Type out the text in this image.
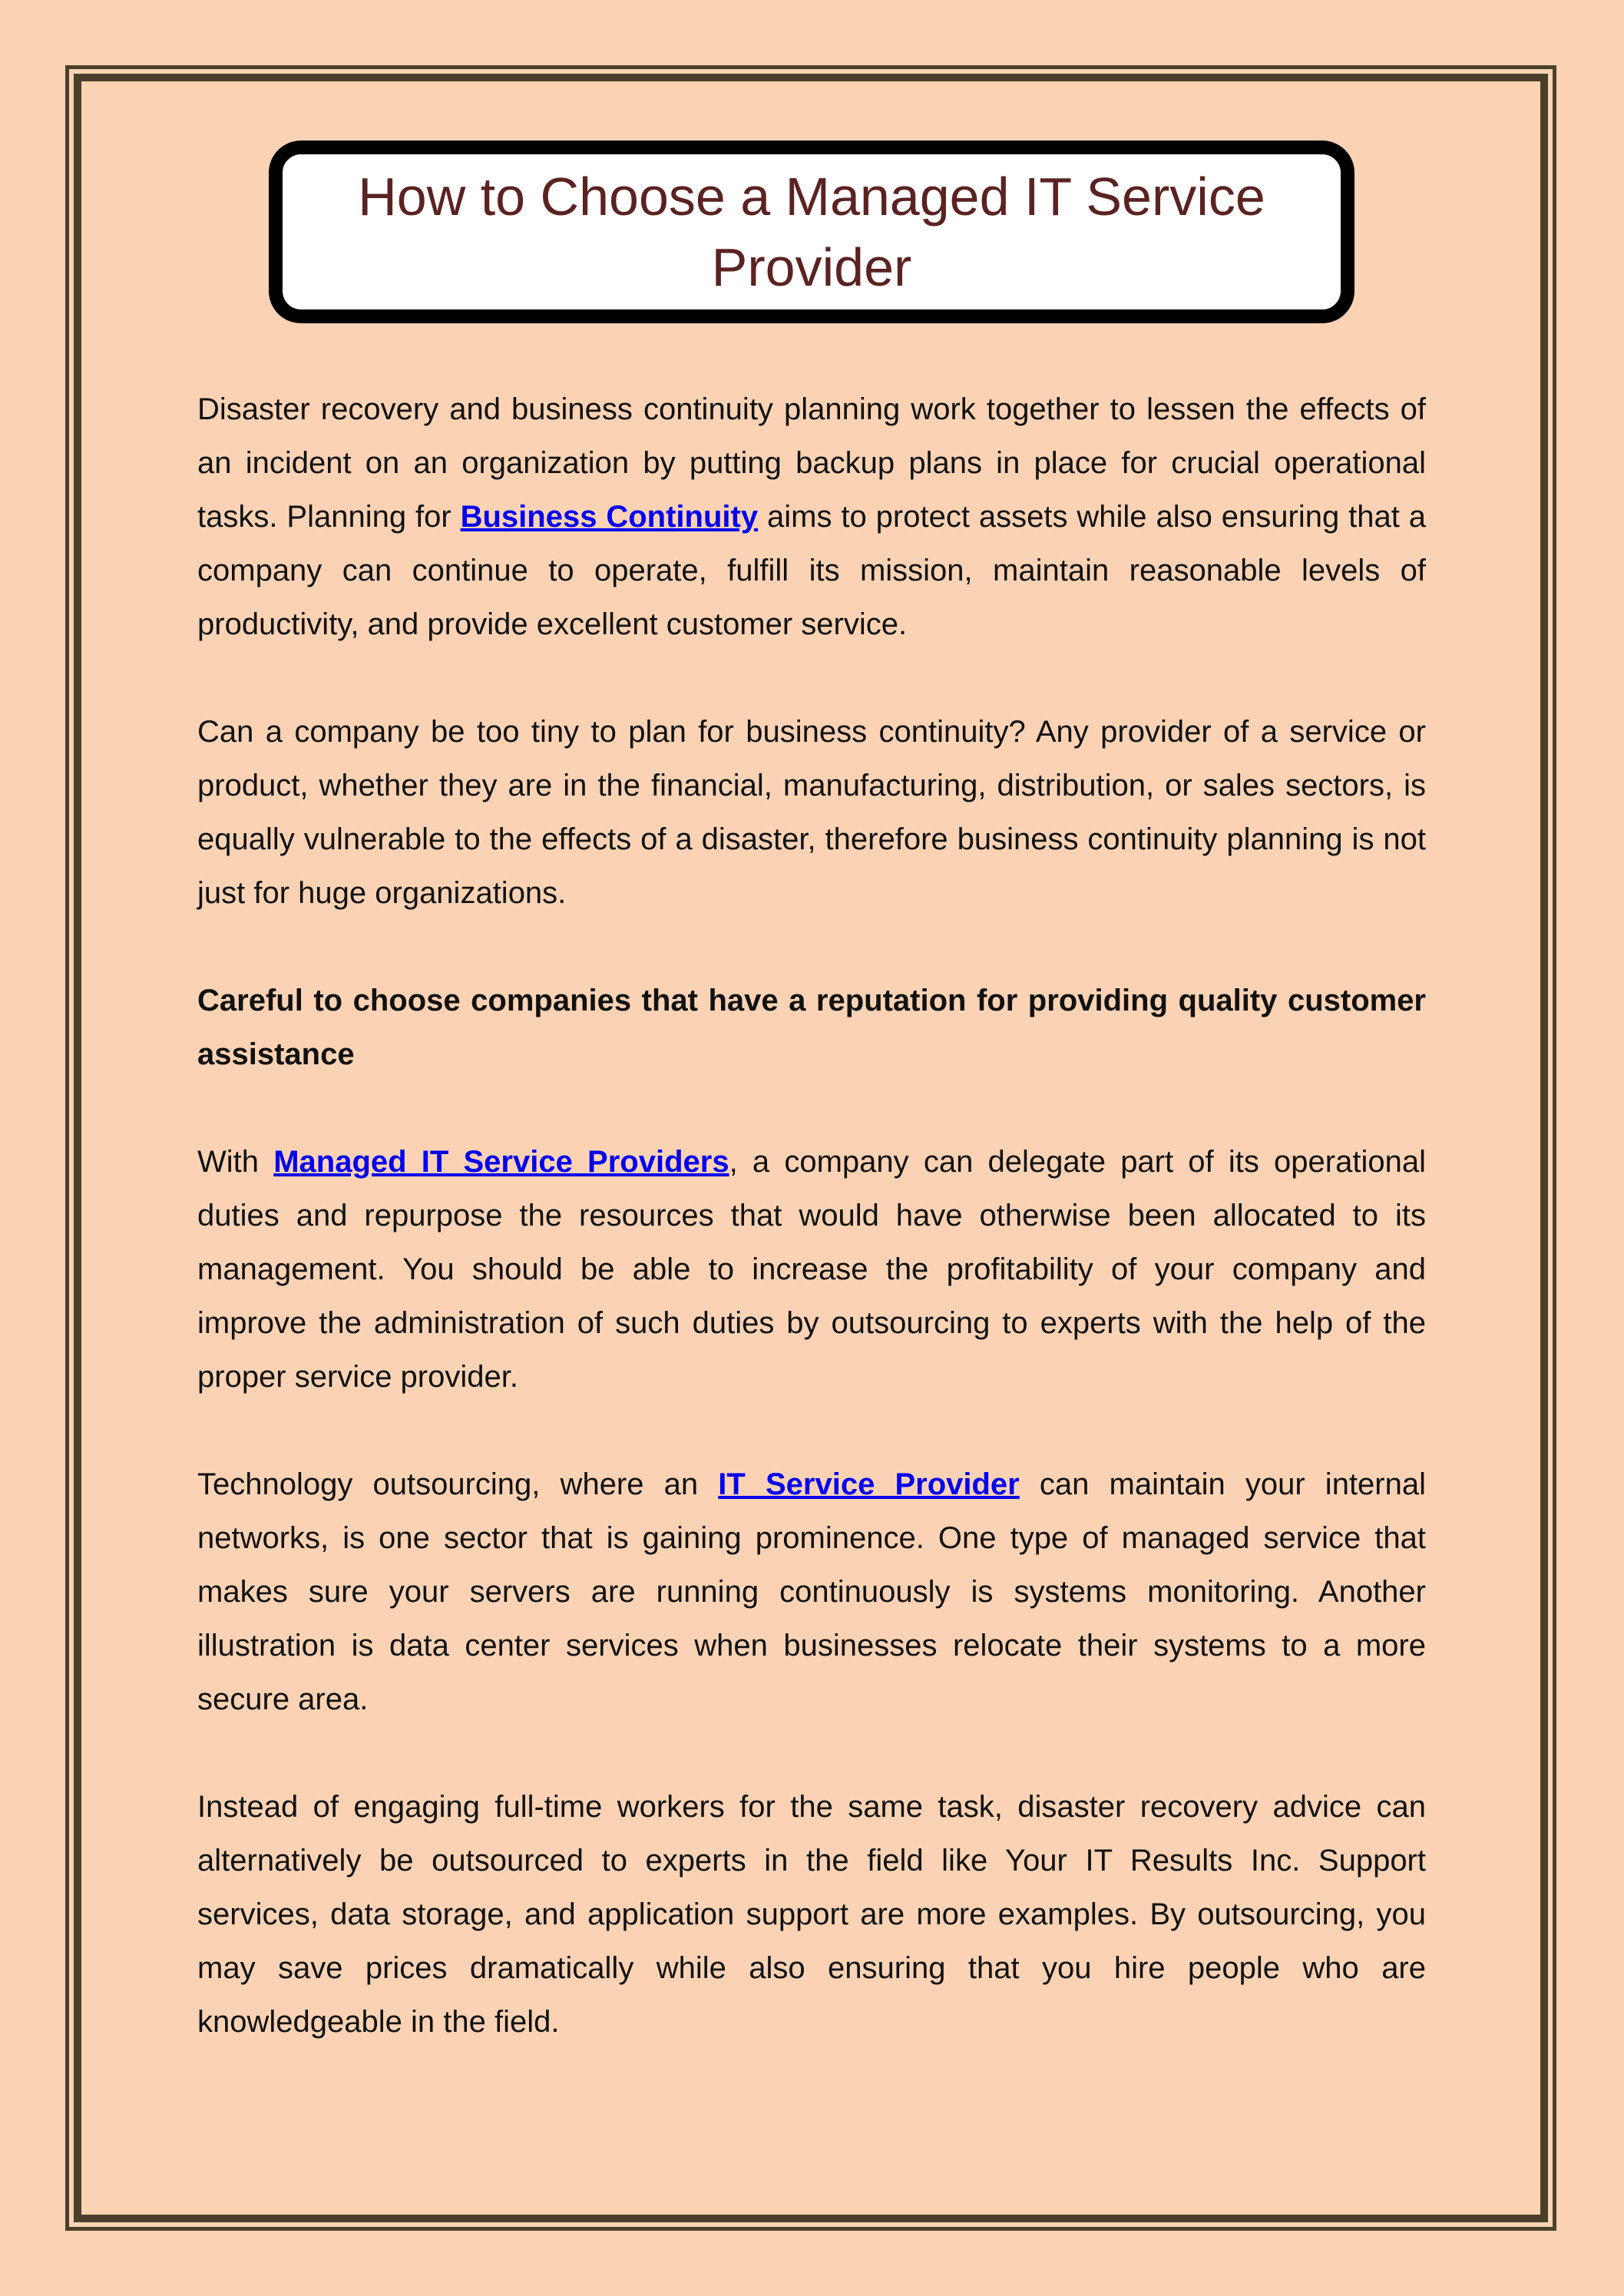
How to Choose a Managed IT Service Provider

Disaster recovery and business continuity planning work together to lessen the effects of an incident on an organization by putting backup plans in place for crucial operational tasks. Planning for Business Continuity aims to protect assets while also ensuring that a company can continue to operate, fulfill its mission, maintain reasonable levels of productivity, and provide excellent customer service.

Can a company be too tiny to plan for business continuity? Any provider of a service or product, whether they are in the financial, manufacturing, distribution, or sales sectors, is equally vulnerable to the effects of a disaster, therefore business continuity planning is not just for huge organizations.

Careful to choose companies that have a reputation for providing quality customer assistance

With Managed IT Service Providers, a company can delegate part of its operational duties and repurpose the resources that would have otherwise been allocated to its management. You should be able to increase the profitability of your company and improve the administration of such duties by outsourcing to experts with the help of the proper service provider.

Technology outsourcing, where an IT Service Provider can maintain your internal networks, is one sector that is gaining prominence. One type of managed service that makes sure your servers are running continuously is systems monitoring. Another illustration is data center services when businesses relocate their systems to a more secure area.

Instead of engaging full-time workers for the same task, disaster recovery advice can alternatively be outsourced to experts in the field like Your IT Results Inc. Support services, data storage, and application support are more examples. By outsourcing, you may save prices dramatically while also ensuring that you hire people who are knowledgeable in the field.
